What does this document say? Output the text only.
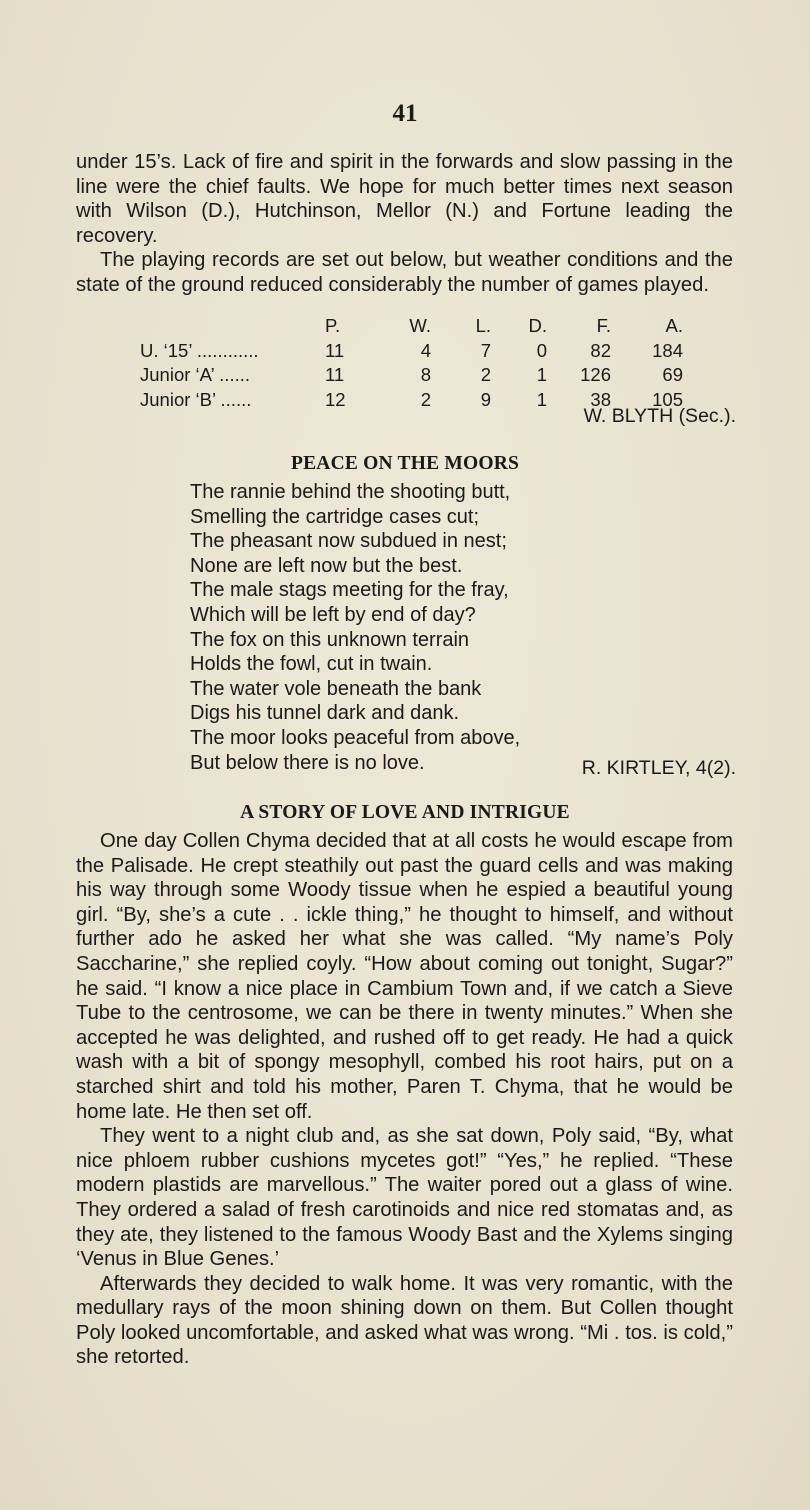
41

under 15’s. Lack of fire and spirit in the forwards and slow passing in the line were the chief faults. We hope for much better times next season with Wilson (D.), Hutchinson, Mellor (N.) and Fortune leading the recovery.

The playing records are set out below, but weather conditions and the state of the ground reduced considerably the number of games played.

	P.	W.	L.	D.	F.	A.
U. ‘15’ ............	11	4	7	0	82	184
Junior ‘A’ ......	11	8	2	1	126	69
Junior ‘B’ ......	12	2	9	1	38	105
W. BLYTH (Sec.).
PEACE ON THE MOORS
The rannie behind the shooting butt,
Smelling the cartridge cases cut;
The pheasant now subdued in nest;
None are left now but the best.
The male stags meeting for the fray,
Which will be left by end of day?
The fox on this unknown terrain
Holds the fowl, cut in twain.
The water vole beneath the bank
Digs his tunnel dark and dank.
The moor looks peaceful from above,
But below there is no love.	R. KIRTLEY, 4(2).
A STORY OF LOVE AND INTRIGUE

One day Collen Chyma decided that at all costs he would escape from the Palisade. He crept steathily out past the guard cells and was making his way through some Woody tissue when he espied a beautiful young girl. “By, she’s a cute . . ickle thing,” he thought to himself, and without further ado he asked her what she was called. “My name’s Poly Saccharine,” she replied coyly. “How about coming out tonight, Sugar?” he said. “I know a nice place in Cambium Town and, if we catch a Sieve Tube to the centrosome, we can be there in twenty minutes.” When she accepted he was delighted, and rushed off to get ready. He had a quick wash with a bit of spongy mesophyll, combed his root hairs, put on a starched shirt and told his mother, Paren T. Chyma, that he would be home late. He then set off.

They went to a night club and, as she sat down, Poly said, “By, what nice phloem rubber cushions mycetes got!” “Yes,” he replied. “These modern plastids are marvellous.” The waiter pored out a glass of wine. They ordered a salad of fresh carotinoids and nice red stomatas and, as they ate, they listened to the famous Woody Bast and the Xylems singing ‘Venus in Blue Genes.’

Afterwards they decided to walk home. It was very romantic, with the medullary rays of the moon shining down on them. But Collen thought Poly looked uncomfortable, and asked what was wrong. “Mi . tos. is cold,” she retorted.
